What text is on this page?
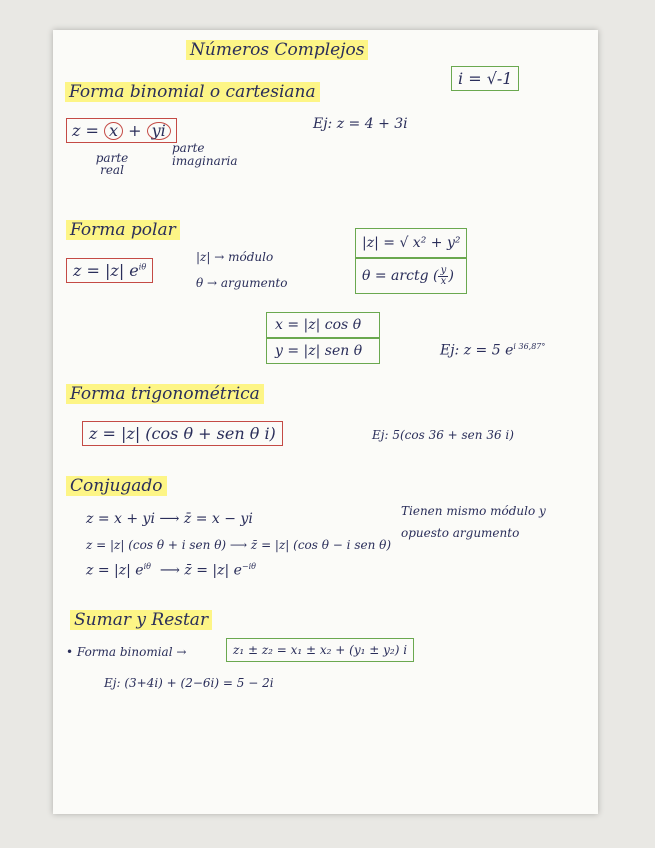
Números Complejos
i = √-1
Forma binomial o cartesiana
z = x + yi
parte real
parte imaginaria
Ej: z = 4 + 3i
Forma polar
z = |z| $e^{i\theta}$
|z| → módulo
θ → argumento
|z| = √ x² + y²
θ = arctg ( $\frac{y}{x}$ )
x = |z| cos θ
y = |z| sen θ	Ej: z = 5 $e^{i 36,87^\circ}$
Forma trigonométrica
z = |z| (cos θ + sen θ i)	Ej: 5(cos 36 + sen 36 i)
Conjugado
z = x + yi ⟶ z̄ = x − yi
z = |z| (cos θ + i sen θ) ⟶ z̄ = |z| (cos θ − i sen θ)
z = |z| $e^{i\theta}$ ⟶ z̄ = |z| $e^{-i\theta}$
Tienen mismo módulo y opuesto argumento
Sumar y Restar
• Forma binomial →	z₁ ± z₂ = x₁ ± x₂ + (y₁ ± y₂) i
Ej: (3+4i) + (2−6i) = 5 − 2i
